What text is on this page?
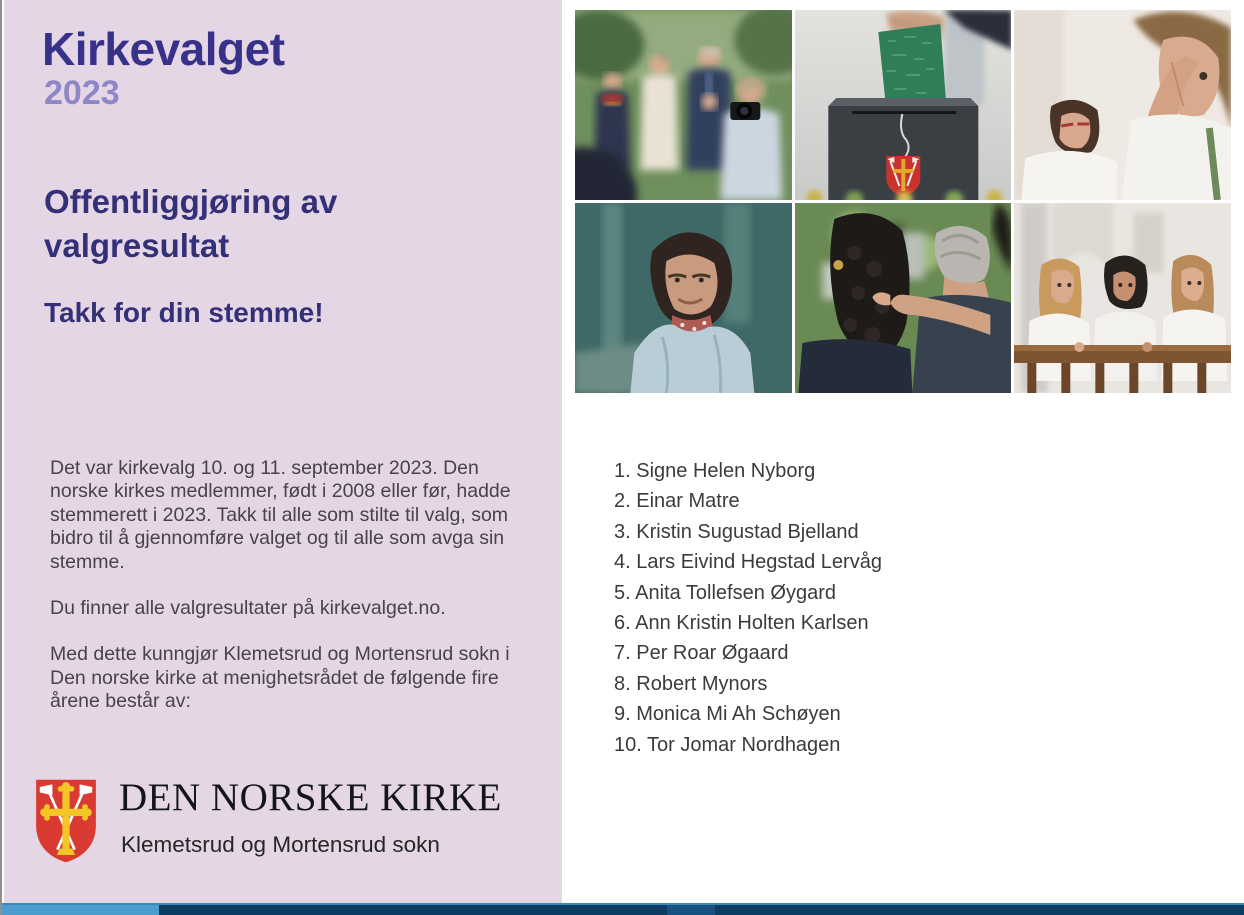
Kirkevalget
2023
Offentliggjøring av valgresultat
Takk for din stemme!

Det var kirkevalg 10. og 11. september 2023. Den norske kirkes medlemmer, født i 2008 eller før, hadde stemmerett i 2023. Takk til alle som stilte til valg, som bidro til å gjennomføre valget og til alle som avga sin stemme.

Du finner alle valgresultater på kirkevalget.no.

Med dette kunngjør Klemetsrud og Mortensrud sokn i Den norske kirke at menighetsrådet de følgende fire årene består av:

DEN NORSKE KIRKE
Klemetsrud og Mortensrud sokn
1. Signe Helen Nyborg
2. Einar Matre
3. Kristin Sugustad Bjelland
4. Lars Eivind Hegstad Lervåg
5. Anita Tollefsen Øygard
6. Ann Kristin Holten Karlsen
7. Per Roar Øgaard
8. Robert Mynors
9. Monica Mi Ah Schøyen
10. Tor Jomar Nordhagen
